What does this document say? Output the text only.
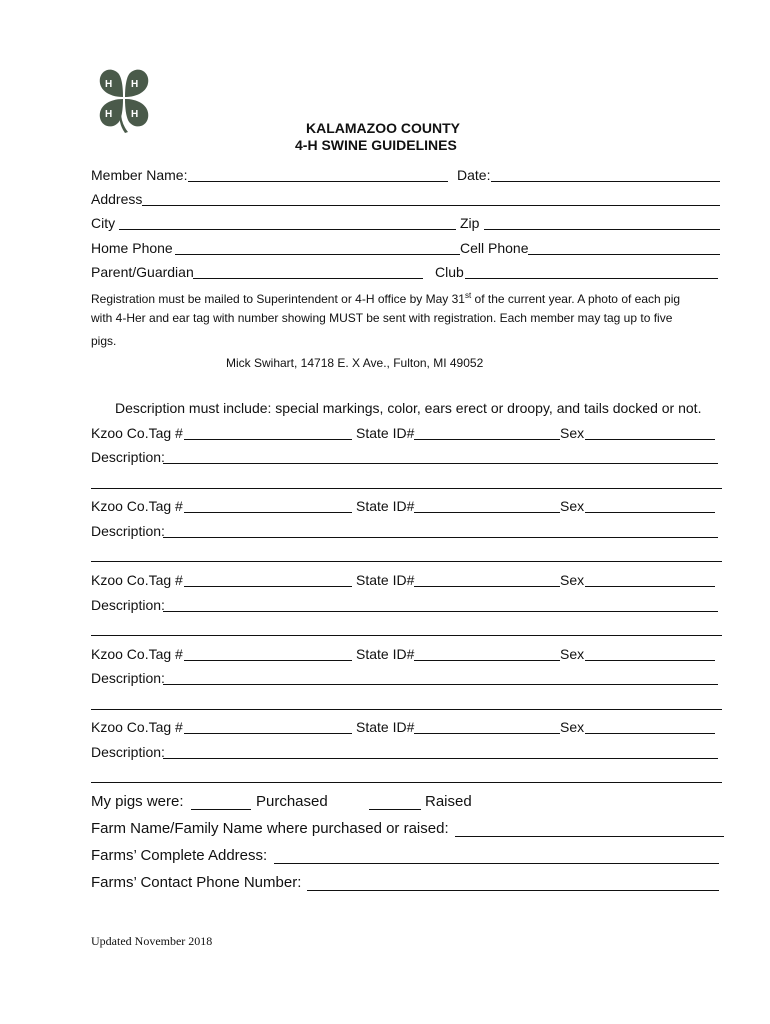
H H
H H
KALAMAZOO COUNTY
4-H SWINE GUIDELINES
Member Name:	Date:
Address
City	Zip
Home Phone	Cell Phone
Parent/Guardian	Club
Registration must be mailed to Superintendent or 4-H office by May 31st of the current year. A photo of each pig
with 4-Her and ear tag with number showing MUST be sent with registration. Each member may tag up to five
pigs.
Mick Swihart, 14718 E. X Ave., Fulton, MI 49052
Description must include: special markings, color, ears erect or droopy, and tails docked or not.
Kzoo Co.Tag #	State ID#	Sex
Description:
Kzoo Co.Tag #	State ID#	Sex
Description:
Kzoo Co.Tag #	State ID#	Sex
Description:
Kzoo Co.Tag #	State ID#	Sex
Description:
Kzoo Co.Tag #	State ID#	Sex
Description:
My pigs were:	Purchased	Raised
Farm Name/Family Name where purchased or raised:
Farms’ Complete Address:
Farms’ Contact Phone Number:
Updated November 2018
